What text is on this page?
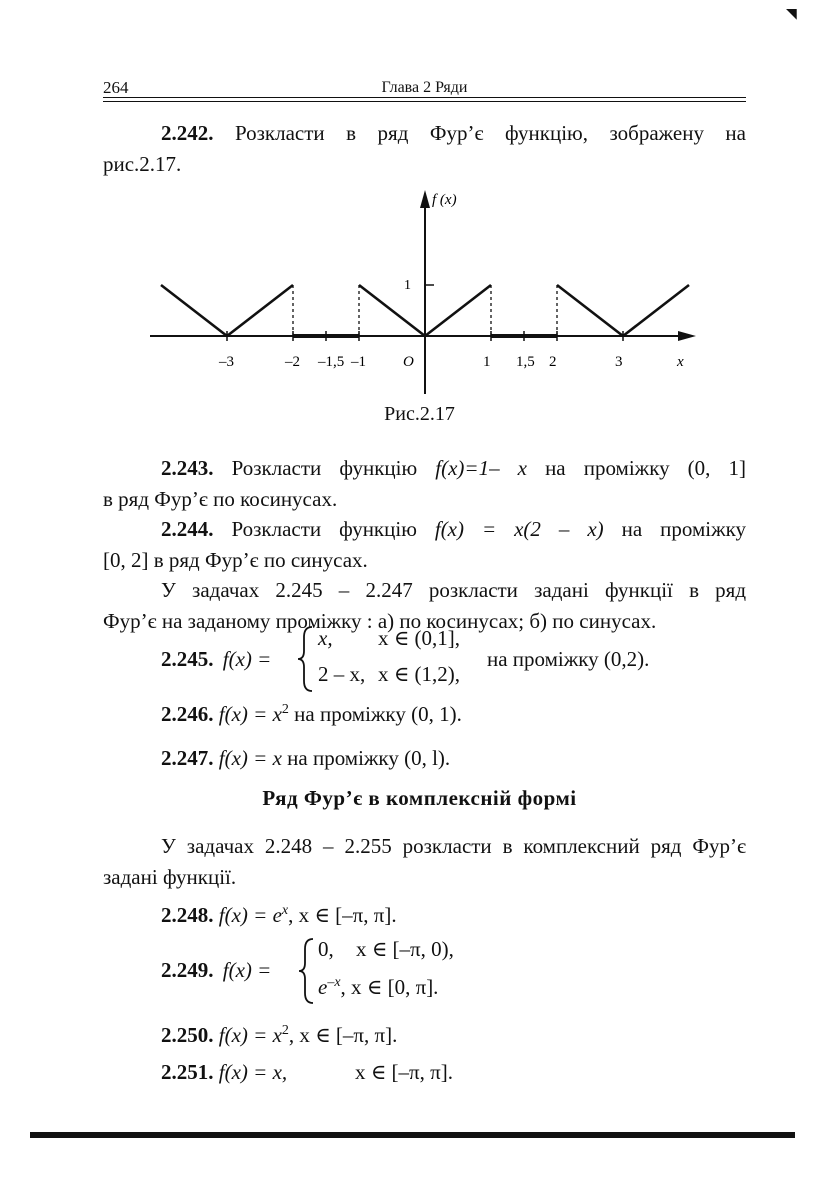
◥
264	Глава 2 Ряди
2.242. Розкласти в ряд Фур’є функцію, зображену на
рис.2.17.
–3	–2 –1,5 –1 O	1 1,5 2	3
f (x)
x
1
Рис.2.17
2.243. Розкласти функцію f(x)=1– x на проміжку (0, 1]
в ряд Фур’є по косинусах.
2.244. Розкласти функцію f(x) = x(2 – x) на проміжку
[0, 2] в ряд Фур’є по синусах.
У задачах 2.245 – 2.247 розкласти задані функції в ряд
Фур’є на заданому проміжку : а) по косинусах; б) по синусах.
2.245. f(x) =
x, x ∈ (0,1],
2 – x, x ∈ (1,2),
на проміжку (0,2).
2.246. $f(x) = x^2$ на проміжку (0, 1).
2.247. f(x) = x на проміжку (0, l).
Ряд Фур’є в комплексній формі
У задачах 2.248 – 2.255 розкласти в комплексний ряд Фур’є
задані функції.
2.248. $f(x) = e^x$, x ∈ [–π, π].
2.249. f(x) =
0, x ∈ [–π, 0),
$e^{-x}$, x ∈ [0, π].
2.250. $f(x) = x^2$, x ∈ [–π, π].
2.251. f(x) = x,	x ∈ [–π, π].
